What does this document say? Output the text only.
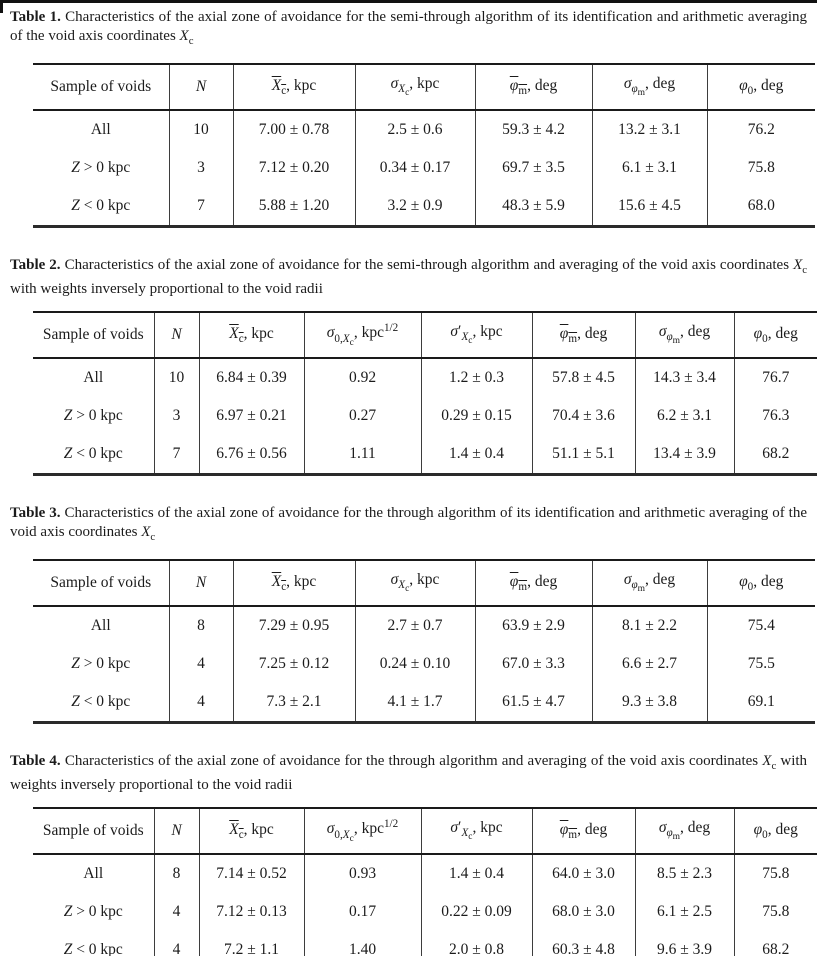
Table 1. Characteristics of the axial zone of avoidance for the semi-through algorithm of its identification and arithmetic averaging of the void axis coordinates $X_c$
Sample of voids	N	$X_c$, kpc	$\sigma_{X_c}$, kpc	$\varphi_m$, deg	$\sigma_{\varphi_m}$, deg	$\varphi_0$, deg
All	10	7.00 ± 0.78	2.5 ± 0.6	59.3 ± 4.2	13.2 ± 3.1	76.2
Z > 0 kpc	3	7.12 ± 0.20	0.34 ± 0.17	69.7 ± 3.5	6.1 ± 3.1	75.8
Z < 0 kpc	7	5.88 ± 1.20	3.2 ± 0.9	48.3 ± 5.9	15.6 ± 4.5	68.0
Table 2. Characteristics of the axial zone of avoidance for the semi-through algorithm and averaging of the void axis coordinates $X_c$ with weights inversely proportional to the void radii
Sample of voids	N	$X_c$, kpc	$\sigma_{0,X_c}$, kpc$^{1/2}$	$\sigma'_{X_c}$, kpc	$\varphi_m$, deg	$\sigma_{\varphi_m}$, deg	$\varphi_0$, deg
All	10	6.84 ± 0.39	0.92	1.2 ± 0.3	57.8 ± 4.5	14.3 ± 3.4	76.7
Z > 0 kpc	3	6.97 ± 0.21	0.27	0.29 ± 0.15	70.4 ± 3.6	6.2 ± 3.1	76.3
Z < 0 kpc	7	6.76 ± 0.56	1.11	1.4 ± 0.4	51.1 ± 5.1	13.4 ± 3.9	68.2
Table 3. Characteristics of the axial zone of avoidance for the through algorithm of its identification and arithmetic averaging of the void axis coordinates $X_c$
Sample of voids	N	$X_c$, kpc	$\sigma_{X_c}$, kpc	$\varphi_m$, deg	$\sigma_{\varphi_m}$, deg	$\varphi_0$, deg
All	8	7.29 ± 0.95	2.7 ± 0.7	63.9 ± 2.9	8.1 ± 2.2	75.4
Z > 0 kpc	4	7.25 ± 0.12	0.24 ± 0.10	67.0 ± 3.3	6.6 ± 2.7	75.5
Z < 0 kpc	4	7.3 ± 2.1	4.1 ± 1.7	61.5 ± 4.7	9.3 ± 3.8	69.1
Table 4. Characteristics of the axial zone of avoidance for the through algorithm and averaging of the void axis coordinates $X_c$ with weights inversely proportional to the void radii
Sample of voids	N	$X_c$, kpc	$\sigma_{0,X_c}$, kpc$^{1/2}$	$\sigma'_{X_c}$, kpc	$\varphi_m$, deg	$\sigma_{\varphi_m}$, deg	$\varphi_0$, deg
All	8	7.14 ± 0.52	0.93	1.4 ± 0.4	64.0 ± 3.0	8.5 ± 2.3	75.8
Z > 0 kpc	4	7.12 ± 0.13	0.17	0.22 ± 0.09	68.0 ± 3.0	6.1 ± 2.5	75.8
Z < 0 kpc	4	7.2 ± 1.1	1.40	2.0 ± 0.8	60.3 ± 4.8	9.6 ± 3.9	68.2
